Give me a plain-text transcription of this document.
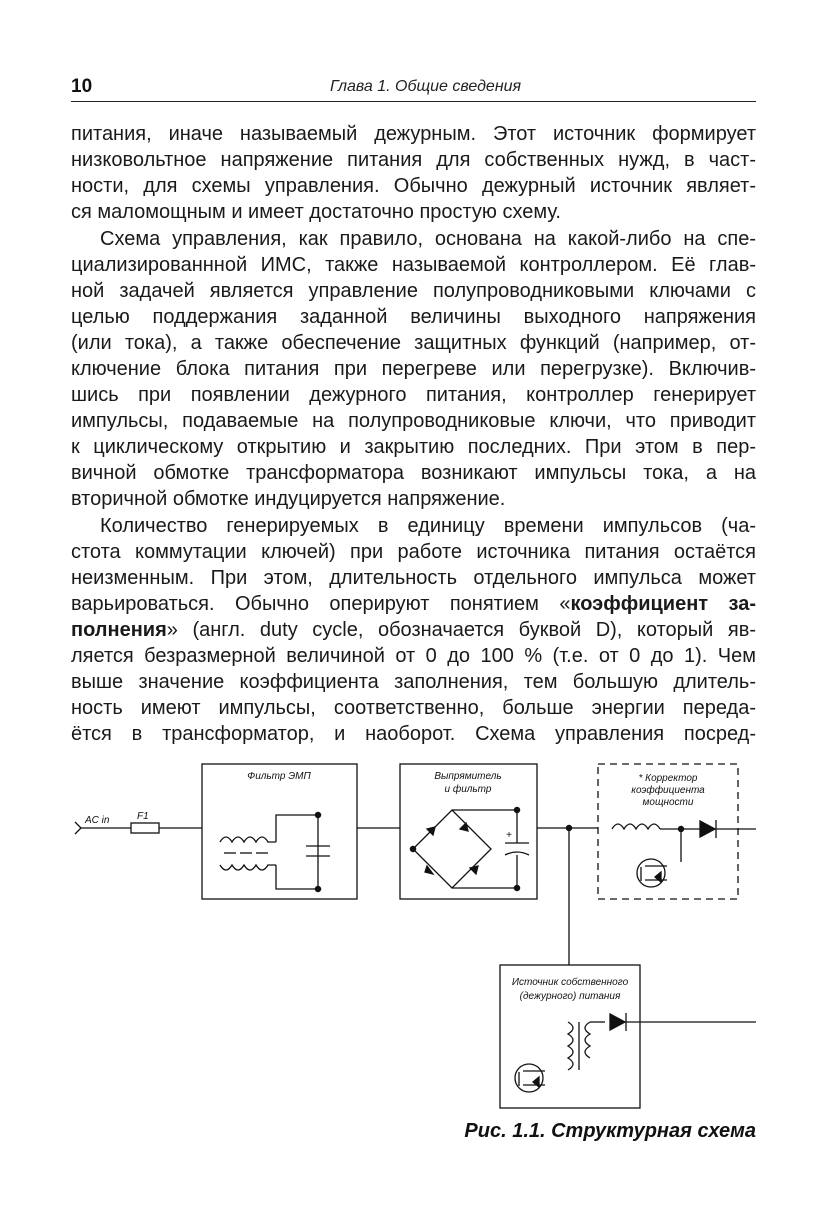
10	Глава 1. Общие сведения
питания, иначе называемый дежурным. Этот источник формирует
низковольтное напряжение питания для собственных нужд, в част-
ности, для схемы управления. Обычно дежурный источник являет-
ся маломощным и имеет достаточно простую схему.
Схема управления, как правило, основана на какой-либо на спе-
циализированнной ИМС, также называемой контроллером. Её глав-
ной задачей является управление полупроводниковыми ключами с
целью поддержания заданной величины выходного напряжения
(или тока), а также обеспечение защитных функций (например, от-
ключение блока питания при перегреве или перегрузке). Включив-
шись при появлении дежурного питания, контроллер генерирует
импульсы, подаваемые на полупроводниковые ключи, что приводит
к циклическому открытию и закрытию последних. При этом в пер-
вичной обмотке трансформатора возникают импульсы тока, а на
вторичной обмотке индуцируется напряжение.
Количество генерируемых в единицу времени импульсов (ча-
стота коммутации ключей) при работе источника питания остаётся
неизменным. При этом, длительность отдельного импульса может
варьироваться. Обычно оперируют понятием «коэффициент за-
полнения» (англ. duty cycle, обозначается буквой D), который яв-
ляется безразмерной величиной от 0 до 100 % (т.е. от 0 до 1). Чем
выше значение коэффициента заполнения, тем большую длитель-
ность имеют импульсы, соответственно, больше энергии переда-
ётся в трансформатор, и наоборот. Схема управления посред-
AC in	F1
Фильтр ЭМП	Выпрямитель
и фильтр
+
* Корректор
коэффициента
мощности
Источник собственного
(дежурного) питания
Рис. 1.1. Структурная схема
